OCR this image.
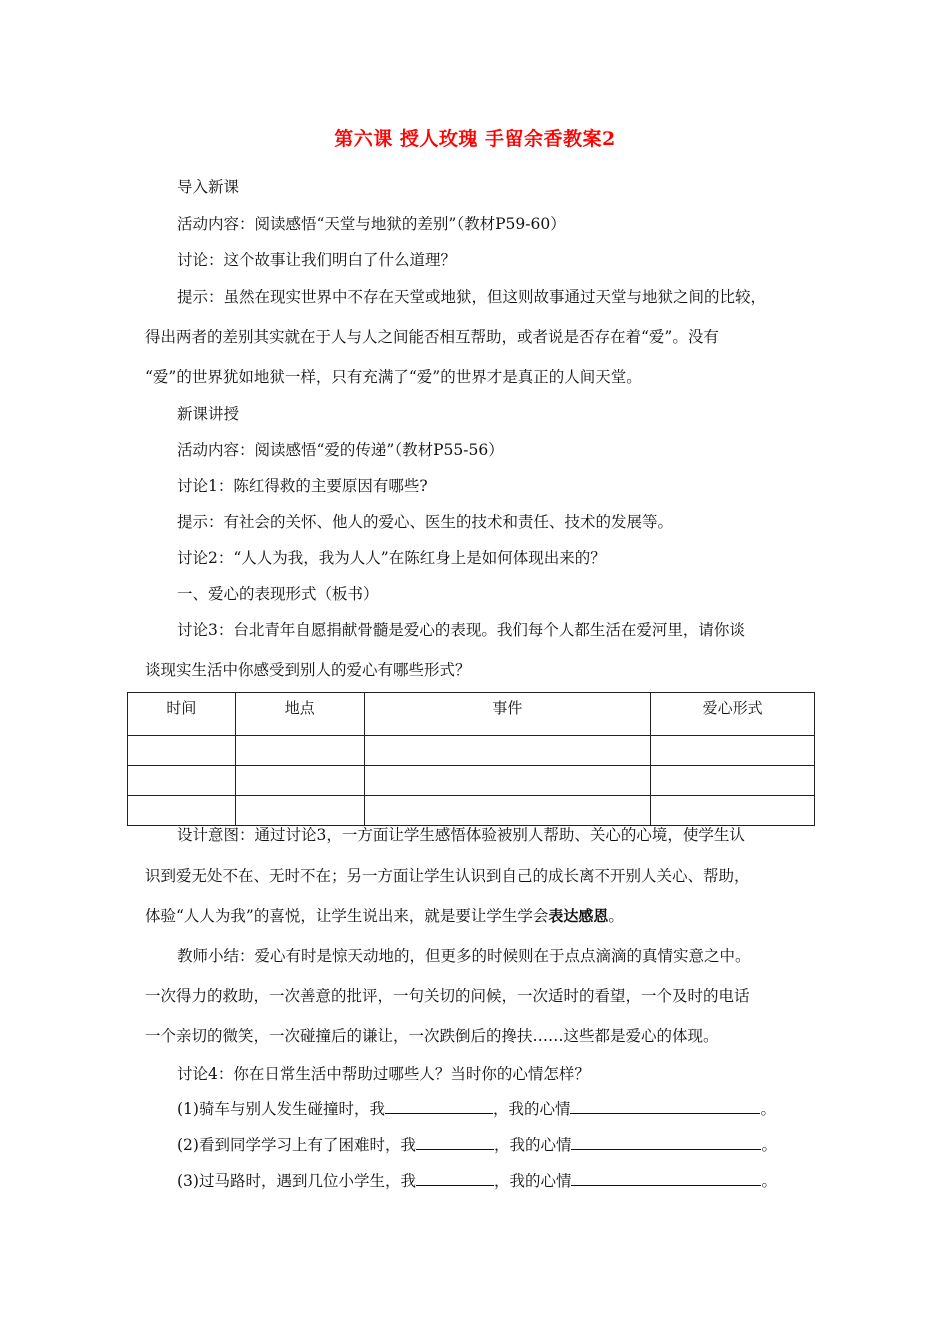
第六课 授人玫瑰 手留余香教案2
导入新课
活动内容：阅读感悟“天堂与地狱的差别”（教材P59-60）
讨论：这个故事让我们明白了什么道理？
提示：虽然在现实世界中不存在天堂或地狱，但这则故事通过天堂与地狱之间的比较，
得出两者的差别其实就在于人与人之间能否相互帮助，或者说是否存在着“爱”。没有
“爱”的世界犹如地狱一样，只有充满了“爱”的世界才是真正的人间天堂。
新课讲授
活动内容：阅读感悟“爱的传递”（教材P55-56）
讨论1：陈红得救的主要原因有哪些?
提示：有社会的关怀、他人的爱心、医生的技术和责任、技术的发展等。
讨论2：“人人为我，我为人人”在陈红身上是如何体现出来的？
一、爱心的表现形式（板书）
讨论3：台北青年自愿捐献骨髓是爱心的表现。我们每个人都生活在爱河里，请你谈
谈现实生活中你感受到别人的爱心有哪些形式？
时间	地点	事件	爱心形式

设计意图：通过讨论3，一方面让学生感悟体验被别人帮助、关心的心境，使学生认
识到爱无处不在、无时不在；另一方面让学生认识到自己的成长离不开别人关心、帮助，
体验“人人为我”的喜悦，让学生说出来，就是要让学生学会表达感恩。
教师小结：爱心有时是惊天动地的，但更多的时候则在于点点滴滴的真情实意之中。
一次得力的救助，一次善意的批评，一句关切的问候，一次适时的看望，一个及时的电话
一个亲切的微笑，一次碰撞后的谦让，一次跌倒后的搀扶……这些都是爱心的体现。
讨论4：你在日常生活中帮助过哪些人？当时你的心情怎样？
(1)骑车与别人发生碰撞时，我	，我的心情	。
(2)看到同学学习上有了困难时，我	，我的心情	。
(3)过马路时，遇到几位小学生，我	，我的心情	。
